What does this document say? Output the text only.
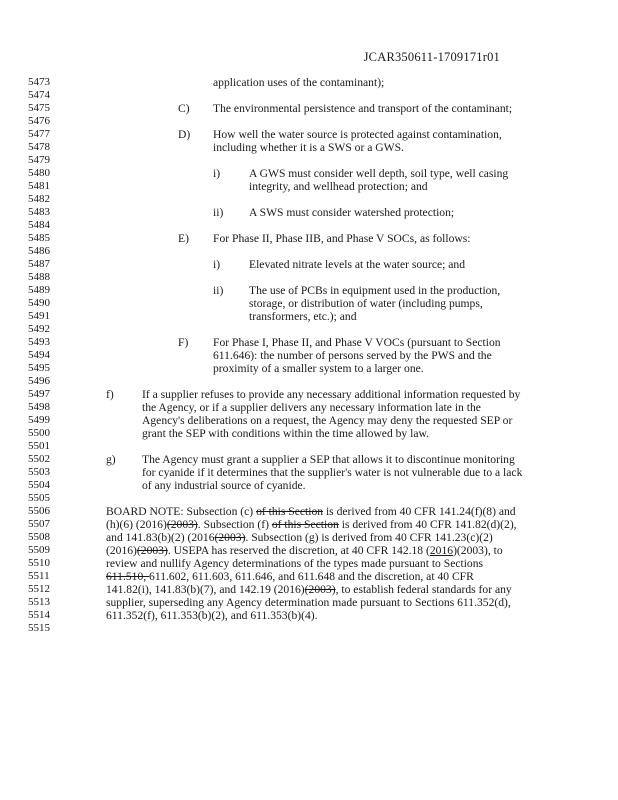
JCAR350611-1709171r01
5473
5474
5475
5476
5477
5478
5479
5480
5481
5482
5483
5484
5485
5486
5487
5488
5489
5490
5491
5492
5493
5494
5495
5496
5497
5498
5499
5500
5501
5502
5503
5504
5505
5506
5507
5508
5509
5510
5511
5512
5513
5514
5515
application uses of the contaminant);
C) The environmental persistence and transport of the contaminant;
D) How well the water source is protected against contamination,
including whether it is a SWS or a GWS.
i) A GWS must consider well depth, soil type, well casing
integrity, and wellhead protection; and
ii) A SWS must consider watershed protection;
E) For Phase II, Phase IIB, and Phase V SOCs, as follows:
i) Elevated nitrate levels at the water source; and
ii) The use of PCBs in equipment used in the production,
storage, or distribution of water (including pumps,
transformers, etc.); and
F) For Phase I, Phase II, and Phase V VOCs (pursuant to Section
611.646): the number of persons served by the PWS and the
proximity of a smaller system to a larger one.
f) If a supplier refuses to provide any necessary additional information requested by
the Agency, or if a supplier delivers any necessary information late in the
Agency's deliberations on a request, the Agency may deny the requested SEP or
grant the SEP with conditions within the time allowed by law.
g) The Agency must grant a supplier a SEP that allows it to discontinue monitoring
for cyanide if it determines that the supplier's water is not vulnerable due to a lack
of any industrial source of cyanide.
BOARD NOTE: Subsection (c) of this Section is derived from 40 CFR 141.24(f)(8) and
(h)(6) (2016)(2003). Subsection (f) of this Section is derived from 40 CFR 141.82(d)(2),
and 141.83(b)(2) (2016(2003). Subsection (g) is derived from 40 CFR 141.23(c)(2)
(2016)(2003). USEPA has reserved the discretion, at 40 CFR 142.18 (2016)(2003), to
review and nullify Agency determinations of the types made pursuant to Sections
611.510, 611.602, 611.603, 611.646, and 611.648 and the discretion, at 40 CFR
141.82(i), 141.83(b)(7), and 142.19 (2016)(2003), to establish federal standards for any
supplier, superseding any Agency determination made pursuant to Sections 611.352(d),
611.352(f), 611.353(b)(2), and 611.353(b)(4).
